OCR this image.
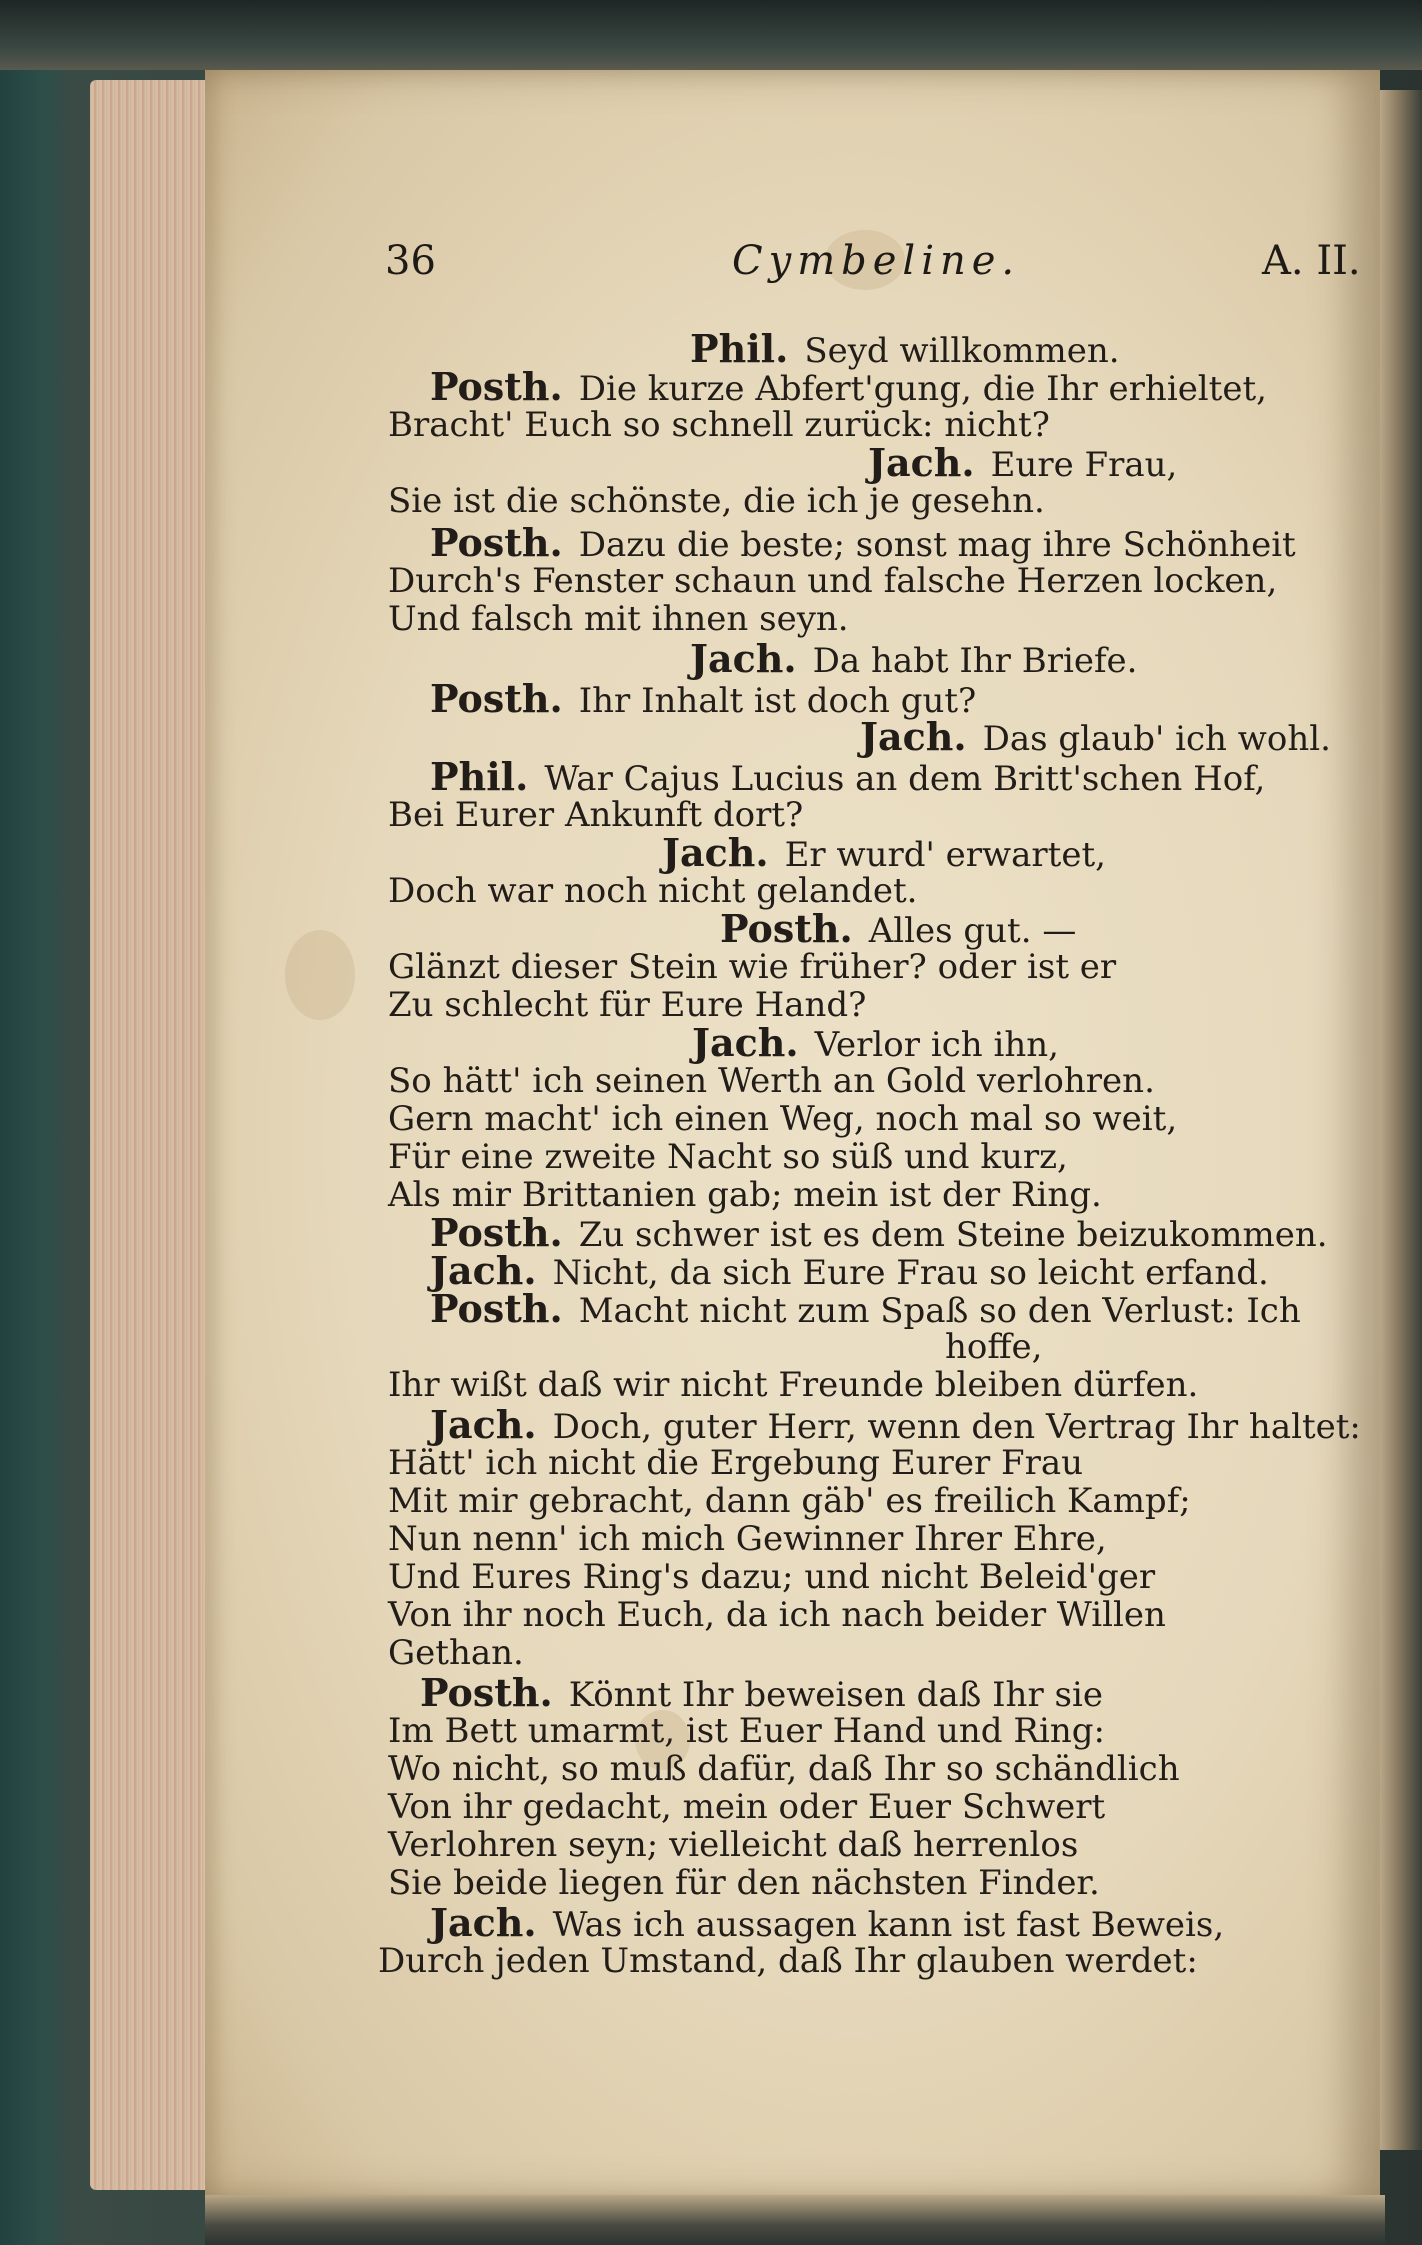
36	Cymbeline.	A. II.
Phil. Seyd willkommen.
Posth. Die kurze Abfert'gung, die Ihr erhieltet,
Bracht' Euch so schnell zurück: nicht?
Jach. Eure Frau,
Sie ist die schönste, die ich je gesehn.
Posth. Dazu die beste; sonst mag ihre Schönheit
Durch's Fenster schaun und falsche Herzen locken,
Und falsch mit ihnen seyn.
Jach. Da habt Ihr Briefe.
Posth. Ihr Inhalt ist doch gut?
Jach. Das glaub' ich wohl.
Phil. War Cajus Lucius an dem Britt'schen Hof,
Bei Eurer Ankunft dort?
Jach. Er wurd' erwartet,
Doch war noch nicht gelandet.
Posth. Alles gut. —
Glänzt dieser Stein wie früher? oder ist er
Zu schlecht für Eure Hand?
Jach. Verlor ich ihn,
So hätt' ich seinen Werth an Gold verlohren.
Gern macht' ich einen Weg, noch mal so weit,
Für eine zweite Nacht so süß und kurz,
Als mir Brittanien gab; mein ist der Ring.
Posth. Zu schwer ist es dem Steine beizukommen.
Jach. Nicht, da sich Eure Frau so leicht erfand.
Posth. Macht nicht zum Spaß so den Verlust: Ich
hoffe,
Ihr wißt daß wir nicht Freunde bleiben dürfen.
Jach. Doch, guter Herr, wenn den Vertrag Ihr haltet:
Hätt' ich nicht die Ergebung Eurer Frau
Mit mir gebracht, dann gäb' es freilich Kampf;
Nun nenn' ich mich Gewinner Ihrer Ehre,
Und Eures Ring's dazu; und nicht Beleid'ger
Von ihr noch Euch, da ich nach beider Willen
Gethan.
Posth. Könnt Ihr beweisen daß Ihr sie
Im Bett umarmt, ist Euer Hand und Ring:
Wo nicht, so muß dafür, daß Ihr so schändlich
Von ihr gedacht, mein oder Euer Schwert
Verlohren seyn; vielleicht daß herrenlos
Sie beide liegen für den nächsten Finder.
Jach. Was ich aussagen kann ist fast Beweis,
Durch jeden Umstand, daß Ihr glauben werdet:
